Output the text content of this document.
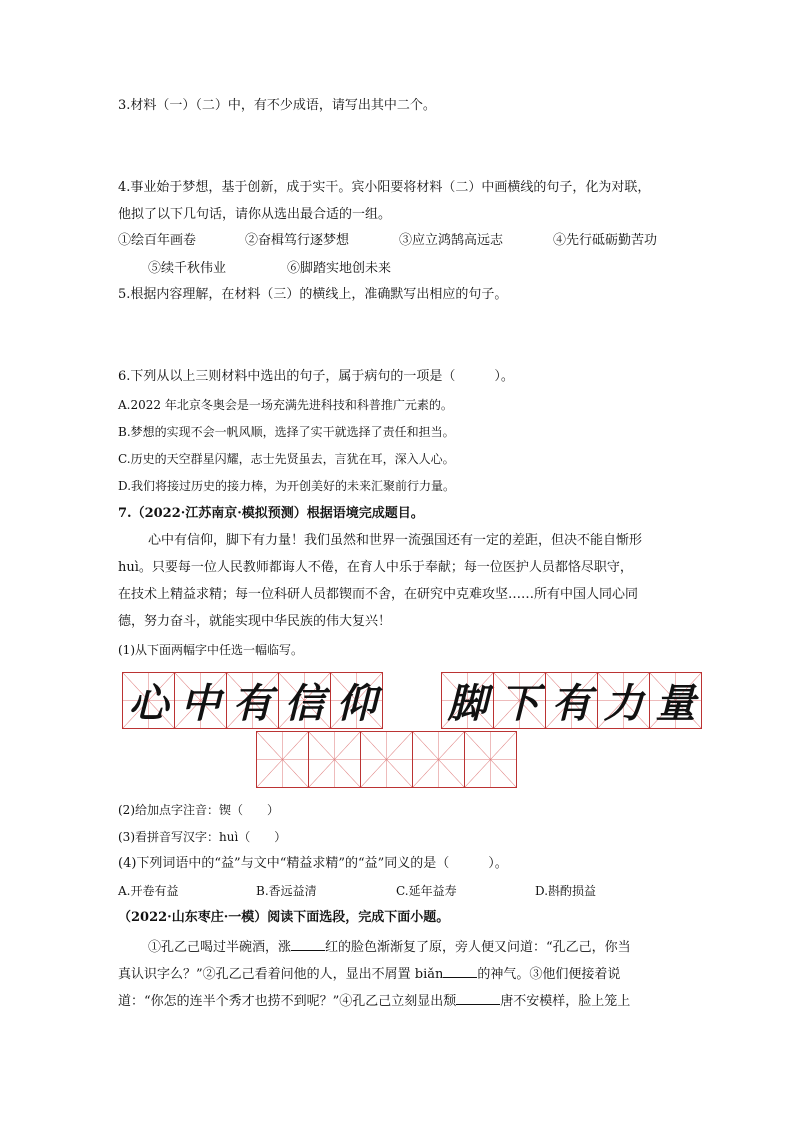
3.材料（一）（二）中，有不少成语，请写出其中二个。
4.事业始于梦想，基于创新，成于实干。宾小阳要将材料（二）中画横线的句子，化为对联，
他拟了以下几句话，请你从选出最合适的一组。
①绘百年画卷	②奋楫笃行逐梦想	③应立鸿鹄高远志	④先行砥砺勤苦功
⑤续千秋伟业	⑥脚踏实地创未来
5.根据内容理解，在材料（三）的横线上，准确默写出相应的句子。
6.下列从以上三则材料中选出的句子，属于病句的一项是（　　　）。
A.2022 年北京冬奥会是一场充满先进科技和科普推广元素的。
B.梦想的实现不会一帆风顺，选择了实干就选择了责任和担当。
C.历史的天空群星闪耀，志士先贤虽去，言犹在耳，深入人心。
D.我们将接过历史的接力棒，为开创美好的未来汇聚前行力量。
7.（2022·江苏南京·模拟预测）根据语境完成题目。
心中有信仰，脚下有力量！我们虽然和世界一流强国还有一定的差距，但决不能自惭形
huì。只要每一位人民教师都诲人不倦，在育人中乐于奉献；每一位医护人员都恪尽职守，
在技术上精益求精；每一位科研人员都锲而不舍，在研究中克难攻坚……所有中国人同心同
德，努力奋斗，就能实现中华民族的伟大复兴！
(1)从下面两幅字中任选一幅临写。
心 中 有 信 仰 脚 下 有 力 量
(2)给加点字注音：锲（　　）
(3)看拼音写汉字：huì（　　）
(4)下列词语中的“益”与文中“精益求精”的“益”同义的是（　　　）。
A.开卷有益	B.香远益清	C.延年益寿	D.斟酌损益
（2022·山东枣庄·一模）阅读下面选段，完成下面小题。
①孔乙己喝过半碗酒，涨	红的脸色渐渐复了原，旁人便又问道：“孔乙己，你当
真认识字么？”②孔乙己看着问他的人，显出不屑置 biǎn	的神气。③他们便接着说
道：“你怎的连半个秀才也捞不到呢？”④孔乙己立刻显出颓	唐不安模样，脸上笼上
